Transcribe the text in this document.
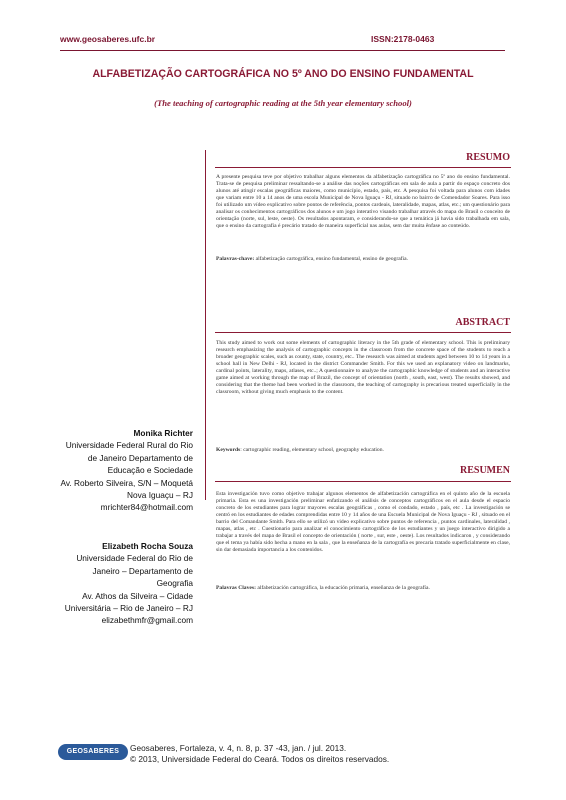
www.geosaberes.ufc.br	ISSN:2178-0463
ALFABETIZAÇÃO CARTOGRÁFICA NO 5º ANO DO ENSINO FUNDAMENTAL
(The teaching of cartographic reading at the 5th year elementary school)
RESUMO

A presente pesquisa teve por objetivo trabalhar alguns elementos da alfabetização cartográfica no 5º ano do ensino fundamental. Trata-se de pesquisa preliminar ressaltando-se a análise das noções cartográficas em sala de aula a partir do espaço concreto dos alunos até atingir escalas geográficas maiores, como município, estado, país, etc. A pesquisa foi voltada para alunos com idades que variam entre 10 a 14 anos de uma escola Municipal de Nova Iguaçu - RJ, situado no bairro de Comendador Soares. Para isso foi utilizado um vídeo explicativo sobre pontos de referência, pontos cardeais, lateralidade, mapas, atlas, etc.; um questionário para analisar os conhecimentos cartográficos dos alunos e um jogo interativo visando trabalhar através do mapa do Brasil o conceito de orientação (norte, sul, leste, oeste). Os resultados apontaram, e considerando-se que a temática já havia sido trabalhada em sala, que o ensino da cartografia é precário tratado de maneira superficial nas aulas, sem dar muita ênfase ao conteúdo.

Palavras-chave: alfabetização cartográfica, ensino fundamental, ensino de geografia.

ABSTRACT

This study aimed to work out some elements of cartographic literacy in the 5th grade of elementary school. This is preliminary research emphasizing the analysis of cartographic concepts in the classroom from the concrete space of the students to reach a broader geographic scales, such as county, state, country, etc.. The research was aimed at students aged between 10 to 14 years in a school hall in New Delhi - RJ, located in the district Commander Smith. For this we used an explanatory video on landmarks, cardinal points, laterality, maps, atlases, etc..; A questionnaire to analyze the cartographic knowledge of students and an interactive game aimed at working through the map of Brazil, the concept of orientation (north , south, east, west). The results showed, and considering that the theme had been worked in the classroom, the teaching of cartography is precarious treated superficially in the classroom, without giving much emphasis to the content.

Keywords: cartographic reading, elementary school, geography education.

RESUMEN

Esta investigación tuvo como objetivo trabajar algunos elementos de alfabetización cartográfica en el quinto año de la escuela primaria. Esta es una investigación preliminar enfatizando el análisis de conceptos cartográficos en el aula desde el espacio concreto de los estudiantes para lograr mayores escalas geográficas , como el condado, estado , país, etc . La investigación se centró en los estudiantes de edades comprendidas entre 10 y 14 años de una Escuela Municipal de Nova Iguaçu - RJ , situado en el barrio del Comandante Smith. Para ello se utilizó un video explicativo sobre puntos de referencia , puntos cardinales, lateralidad , mapas, atlas , etc . Cuestionario para analizar el conocimiento cartográfico de los estudiantes y un juego interactivo dirigido a trabajar a través del mapa de Brasil el concepto de orientación ( norte , sur, este , oeste). Los resultados indicaron , y considerando que el tema ya había sido hecha a mano en la sala , que la enseñanza de la cartografía es precaria tratado superficialmente en clase, sin dar demasiada importancia a los contenidos.

Palavras Claves: alfabetización cartográfica, la educación primaria, enseñanza de la geografía.

Monika Richter
Universidade Federal Rural do Rio
de Janeiro Departamento de
Educação e Sociedade
Av. Roberto Silveira, S/N – Moquetá
Nova Iguaçu – RJ
mrichter84@hotmail.com
Elizabeth Rocha Souza
Universidade Federal do Rio de
Janeiro – Departamento de
Geografia
Av. Athos da Silveira – Cidade
Universitária – Rio de Janeiro – RJ
elizabethmfr@gmail.com
GEOSABERES	Geosaberes, Fortaleza, v. 4, n. 8, p. 37 -43, jan. / jul. 2013.
© 2013, Universidade Federal do Ceará. Todos os direitos reservados.
